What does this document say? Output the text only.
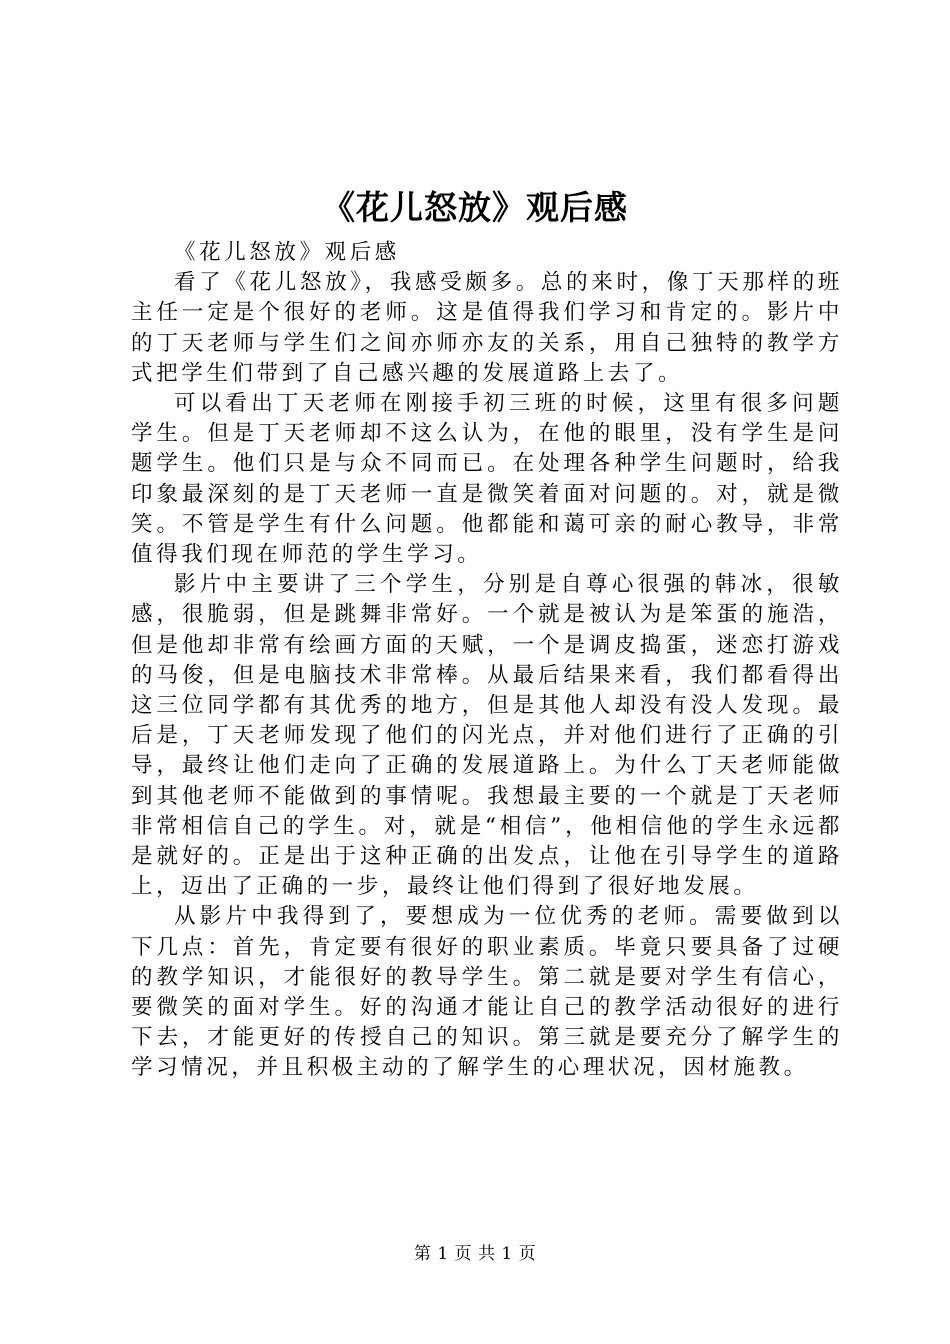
《花儿怒放》观后感

《花儿怒放》观后感

看了《花儿怒放》，我感受颇多。总的来时，像丁天那样的班主任一定是个很好的老师。这是值得我们学习和肯定的。影片中的丁天老师与学生们之间亦师亦友的关系，用自己独特的教学方式把学生们带到了自己感兴趣的发展道路上去了。

可以看出丁天老师在刚接手初三班的时候，这里有很多问题学生。但是丁天老师却不这么认为，在他的眼里，没有学生是问题学生。他们只是与众不同而已。在处理各种学生问题时，给我印象最深刻的是丁天老师一直是微笑着面对问题的。对，就是微笑。不管是学生有什么问题。他都能和蔼可亲的耐心教导，非常值得我们现在师范的学生学习。

影片中主要讲了三个学生，分别是自尊心很强的韩冰，很敏感，很脆弱，但是跳舞非常好。一个就是被认为是笨蛋的施浩，但是他却非常有绘画方面的天赋，一个是调皮捣蛋，迷恋打游戏的马俊，但是电脑技术非常棒。从最后结果来看，我们都看得出这三位同学都有其优秀的地方，但是其他人却没有没人发现。最后是，丁天老师发现了他们的闪光点，并对他们进行了正确的引导，最终让他们走向了正确的发展道路上。为什么丁天老师能做到其他老师不能做到的事情呢。我想最主要的一个就是丁天老师非常相信自己的学生。对，就是“相信”，他相信他的学生永远都是就好的。正是出于这种正确的出发点，让他在引导学生的道路上，迈出了正确的一步，最终让他们得到了很好地发展。

从影片中我得到了，要想成为一位优秀的老师。需要做到以下几点：首先，肯定要有很好的职业素质。毕竟只要具备了过硬的教学知识，才能很好的教导学生。第二就是要对学生有信心，要微笑的面对学生。好的沟通才能让自己的教学活动很好的进行下去，才能更好的传授自己的知识。第三就是要充分了解学生的学习情况，并且积极主动的了解学生的心理状况，因材施教。

第 1 页 共 1 页
